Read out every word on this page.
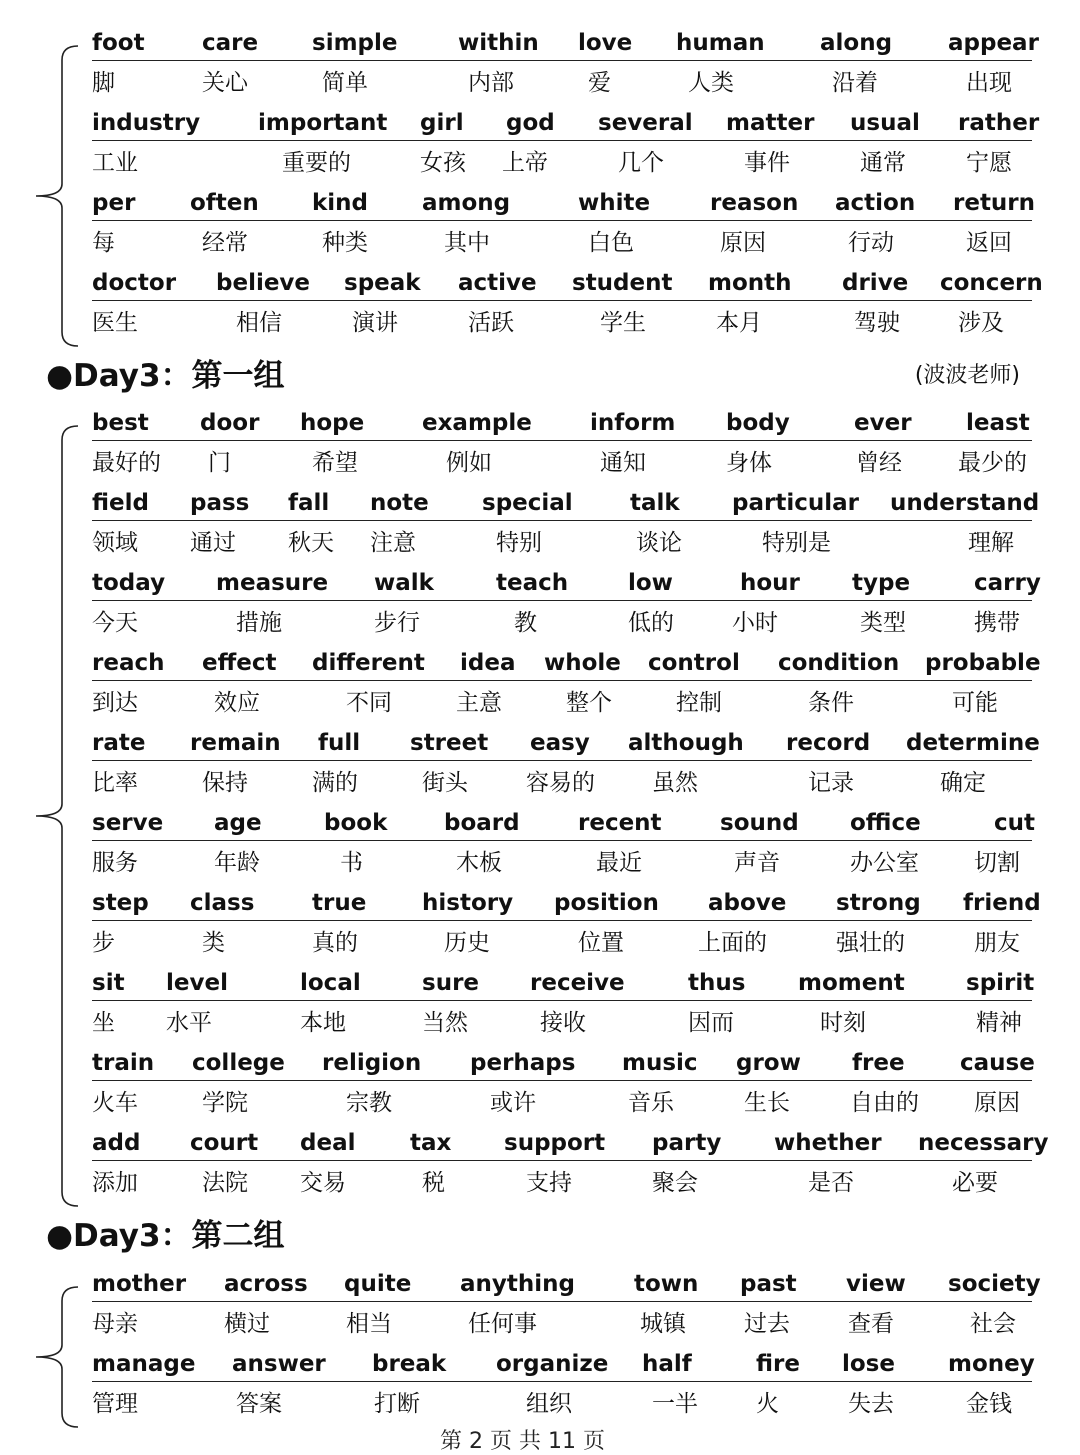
foot care simple	within love human along appear
脚	关心	简单	内部	爱	人类	沿着	出现
industry	important girl god several matter usual rather
工业	重要的	女孩 上帝	几个	事件	通常	宁愿
per often kind among	white	reason action return
每	经常	种类	其中	白色	原因	行动	返回
doctor believe speak active student month drive concern
医生	相信	演讲	活跃	学生	本月	驾驶	涉及
●Day3：第一组	(波波老师)
best door hope	example	inform body	ever least
最好的 门	希望	例如	通知	身体	曾经 最少的
field pass fall note special talk particular understand
领域 通过 秋天 注意	特别	谈论	特别是	理解
today measure walk	teach	low	hour type	carry
今天	措施	步行	教	低的	小时	类型	携带
reach effect different idea whole control condition probable
到达	效应	不同	主意	整个	控制	条件	可能
rate remain full street easy although record determine
比率	保持	满的	街头	容易的 虽然	记录	确定
serve age	book board	recent	sound office	cut
服务	年龄	书	木板	最近	声音	办公室 切割
step class	true history position above strong friend
步	类	真的	历史	位置	上面的	强壮的	朋友
sit level	local	sure receive	thus moment	spirit
坐 水平	本地	当然	接收	因而	时刻	精神
train college religion perhaps music grow free cause
火车	学院	宗教	或许	音乐	生长	自由的 原因
add court deal tax support party whether necessary
添加	法院 交易	税	支持	聚会	是否	必要
●Day3：第二组
mother across quite anything	town past view society
母亲	横过	相当	任何事	城镇	过去	查看	社会
manage answer break organize half	fire lose money
管理	答案	打断	组织	一半	火	失去	金钱
第 2 页 共 11 页
